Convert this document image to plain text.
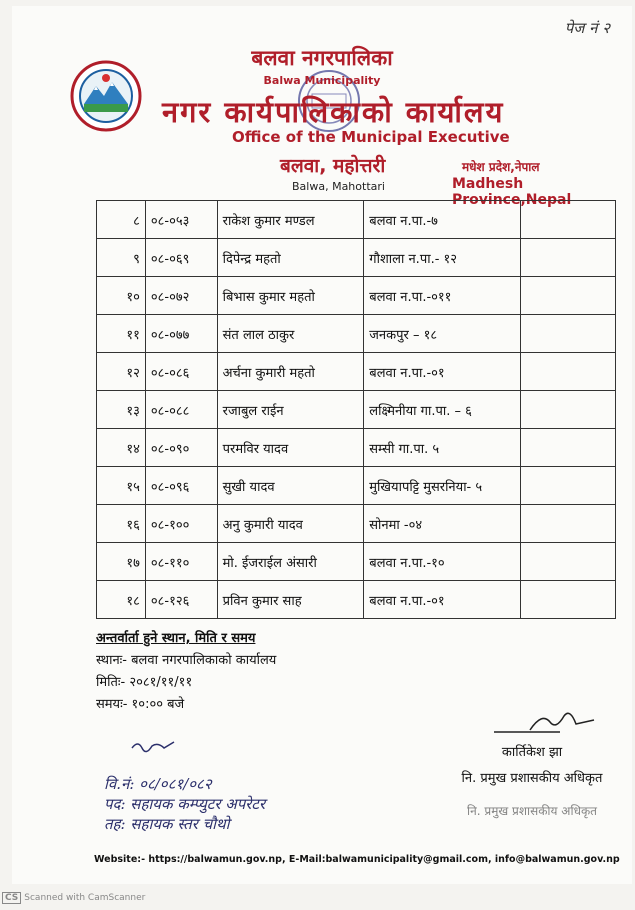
पेज नं २
बलवा नगरपालिका
Balwa Municipality
नगर कार्यपालिकाको कार्यालय
Office of the Municipal Executive
बलवा, महोत्तरी
Balwa, Mahottari
मधेश प्रदेश,नेपाल
Madhesh Province,Nepal
८	०८-०५३	राकेश कुमार मण्डल	बलवा न.पा.-७	
९	०८-०६९	दिपेन्द्र महतो	गौशाला न.पा.- १२	
१०	०८-०७२	बिभास कुमार महतो	बलवा न.पा.-०११	
११	०८-०७७	संत लाल ठाकुर	जनकपुर – १८	
१२	०८-०८६	अर्चना कुमारी महतो	बलवा न.पा.-०१	
१३	०८-०८८	रजाबुल राईन	लक्ष्मिनीया गा.पा. – ६	
१४	०८-०९०	परमविर यादव	सम्सी गा.पा. ५	
१५	०८-०९६	सुखी यादव	मुखियापट्टि मुसरनिया- ५	
१६	०८-१००	अनु कुमारी यादव	सोनमा -०४	
१७	०८-११०	मो. ईजराईल अंसारी	बलवा न.पा.-१०	
१८	०८-१२६	प्रविन कुमार साह	बलवा न.पा.-०१	
अन्तर्वार्ता हुने स्थान, मिति र समय
स्थानः- बलवा नगरपालिकाको कार्यालय
मितिः- २०८१/११/११
समयः- १०:०० बजे
कार्तिकेश झा
नि. प्रमुख प्रशासकीय अधिकृत
नि. प्रमुख प्रशासकीय अधिकृत
वि.नं: ०८/०८१/०८२
पद: सहायक कम्प्युटर अपरेटर
तह: सहायक स्तर चौथो
Website:- https://balwamun.gov.np, E-Mail:balwamunicipality@gmail.com, info@balwamun.gov.np
CS Scanned with CamScanner
